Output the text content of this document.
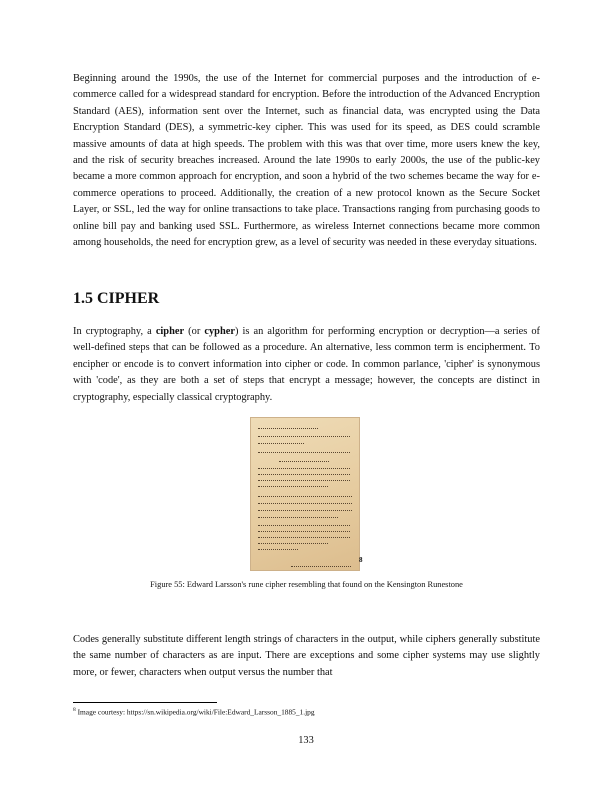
Beginning around the 1990s, the use of the Internet for commercial purposes and the introduction of e-commerce called for a widespread standard for encryption. Before the introduction of the Advanced Encryption Standard (AES), information sent over the Internet, such as financial data, was encrypted using the Data Encryption Standard (DES), a symmetric-key cipher. This was used for its speed, as DES could scramble massive amounts of data at high speeds. The problem with this was that over time, more users knew the key, and the risk of security breaches increased. Around the late 1990s to early 2000s, the use of the public-key became a more common approach for encryption, and soon a hybrid of the two schemes became the way for e-commerce operations to proceed. Additionally, the creation of a new protocol known as the Secure Socket Layer, or SSL, led the way for online transactions to take place. Transactions ranging from purchasing goods to online bill pay and banking used SSL. Furthermore, as wireless Internet connections became more common among households, the need for encryption grew, as a level of security was needed in these everyday situations.

1.5 CIPHER

In cryptography, a cipher (or cypher) is an algorithm for performing encryption or decryption—a series of well-defined steps that can be followed as a procedure. An alternative, less common term is encipherment. To encipher or encode is to convert information into cipher or code. In common parlance, 'cipher' is synonymous with 'code', as they are both a set of steps that encrypt a message; however, the concepts are distinct in cryptography, especially classical cryptography.

8

Figure 55: Edward Larsson's rune cipher resembling that found on the Kensington Runestone

Codes generally substitute different length strings of characters in the output, while ciphers generally substitute the same number of characters as are input. There are exceptions and some cipher systems may use slightly more, or fewer, characters when output versus the number that

$^8$ Image courtesy: https://sn.wikipedia.org/wiki/File:Edward_Larsson_1885_1.jpg

133
